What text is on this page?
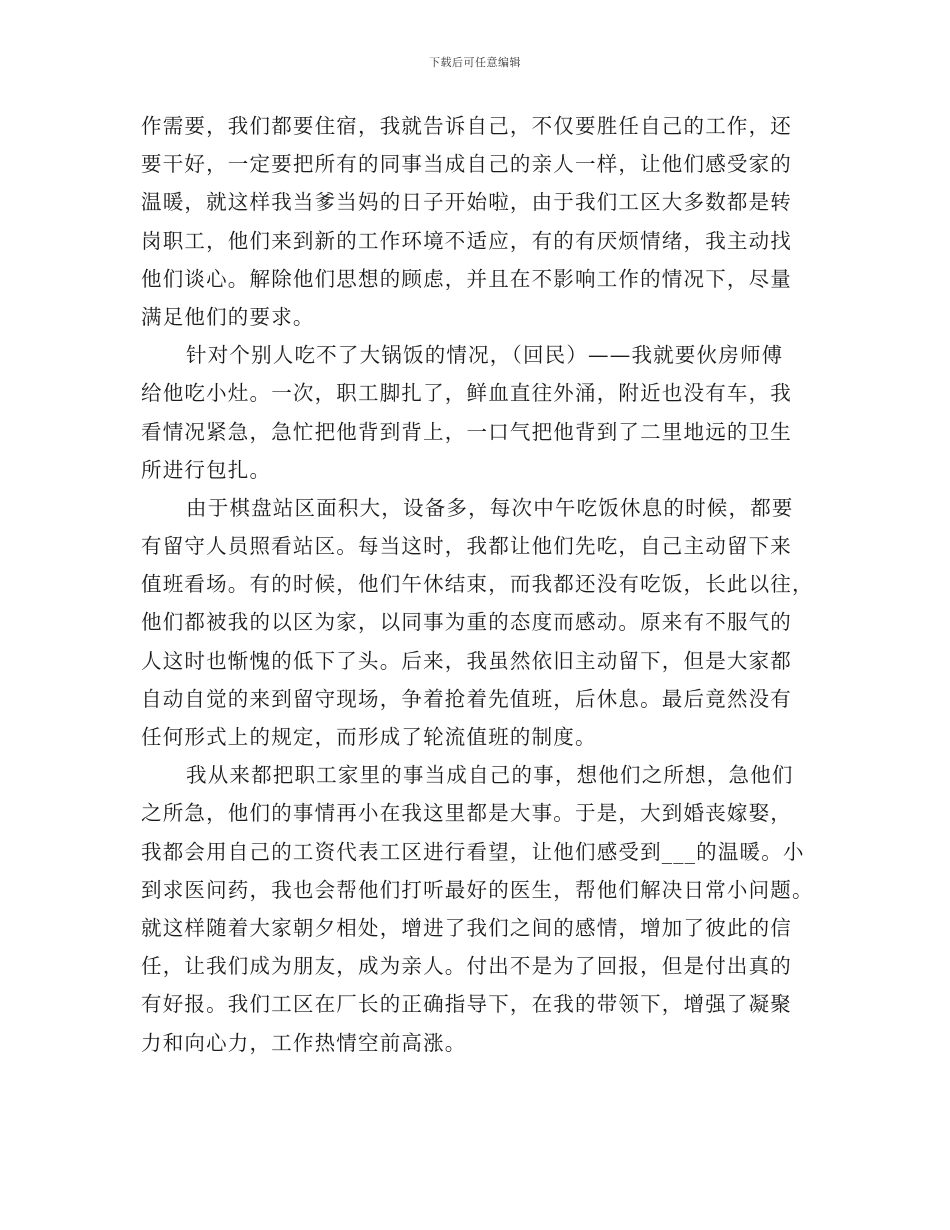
下载后可任意编辑
作需要，我们都要住宿，我就告诉自己，不仅要胜任自己的工作，还
要干好，一定要把所有的同事当成自己的亲人一样，让他们感受家的
温暖，就这样我当爹当妈的日子开始啦，由于我们工区大多数都是转
岗职工，他们来到新的工作环境不适应，有的有厌烦情绪，我主动找
他们谈心。解除他们思想的顾虑，并且在不影响工作的情况下，尽量
满足他们的要求。
针对个别人吃不了大锅饭的情况，（回民）——我就要伙房师傅
给他吃小灶。一次，职工脚扎了，鲜血直往外涌，附近也没有车，我
看情况紧急，急忙把他背到背上，一口气把他背到了二里地远的卫生
所进行包扎。
由于棋盘站区面积大，设备多，每次中午吃饭休息的时候，都要
有留守人员照看站区。每当这时，我都让他们先吃，自己主动留下来
值班看场。有的时候，他们午休结束，而我都还没有吃饭，长此以往，
他们都被我的以区为家，以同事为重的态度而感动。原来有不服气的
人这时也惭愧的低下了头。后来，我虽然依旧主动留下，但是大家都
自动自觉的来到留守现场，争着抢着先值班，后休息。最后竟然没有
任何形式上的规定，而形成了轮流值班的制度。
我从来都把职工家里的事当成自己的事，想他们之所想，急他们
之所急，他们的事情再小在我这里都是大事。于是，大到婚丧嫁娶，
我都会用自己的工资代表工区进行看望，让他们感受到___的温暖。小
到求医问药，我也会帮他们打听最好的医生，帮他们解决日常小问题。
就这样随着大家朝夕相处，增进了我们之间的感情，增加了彼此的信
任，让我们成为朋友，成为亲人。付出不是为了回报，但是付出真的
有好报。我们工区在厂长的正确指导下，在我的带领下，增强了凝聚
力和向心力，工作热情空前高涨。
